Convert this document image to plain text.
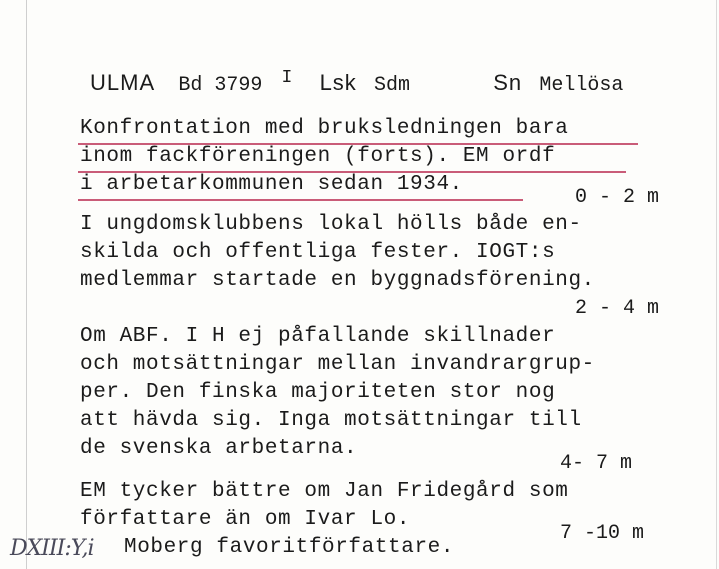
ULMA Bd 3799 $^I$ Lsk Sdm	Sn Mellösa
Konfrontation med bruksledningen bara
inom fackföreningen (forts). EM ordf
i arbetarkommunen sedan 1934.
0 - 2 m
I ungdomsklubbens lokal hölls både en-
skilda och offentliga fester. IOGT:s
medlemmar startade en byggnadsförening.
2 - 4 m
Om ABF. I H ej påfallande skillnader
och motsättningar mellan invandrargrup-
per. Den finska majoriteten stor nog
att hävda sig. Inga motsättningar till
de svenska arbetarna.
4- 7 m
EM tycker bättre om Jan Fridegård som
författare än om Ivar Lo.
Moberg favoritförfattare.
7 -10 m
DXIII:Y,i
